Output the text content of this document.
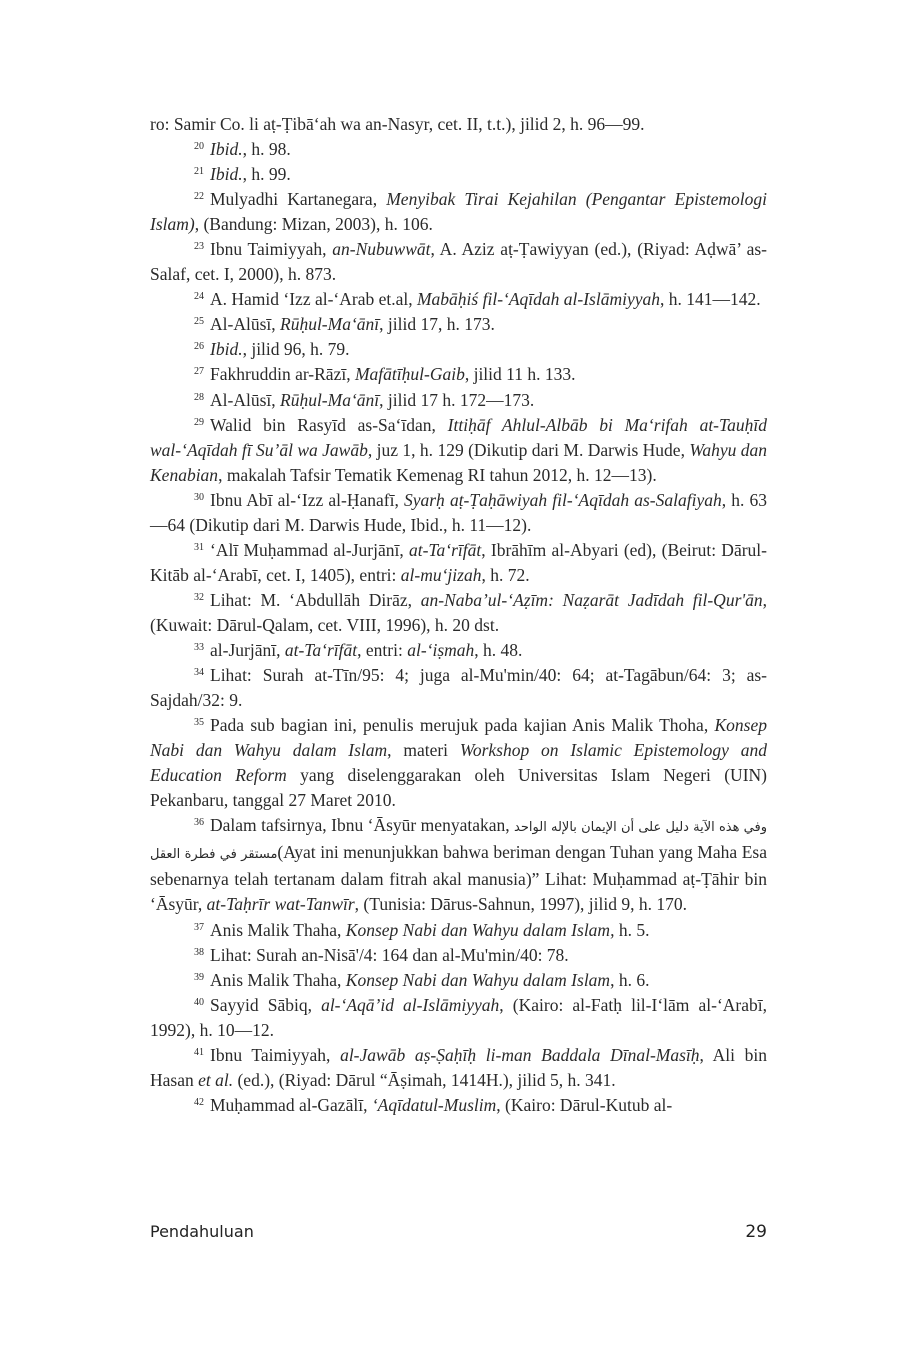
ro: Samir Co. li aṭ-Ṭibā‘ah wa an-Nasyr, cet. II, t.t.), jilid 2, h. 96—99.
$^{20}$ Ibid., h. 98.
$^{21}$ Ibid., h. 99.
$^{22}$ Mulyadhi Kartanegara, Menyibak Tirai Kejahilan (Pengantar Epistemologi Islam), (Bandung: Mizan, 2003), h. 106.
$^{23}$ Ibnu Taimiyyah, an-Nubuwwāt, A. Aziz aṭ-Ṭawiyyan (ed.), (Riyad: Aḍwā’ as-Salaf, cet. I, 2000), h. 873.
$^{24}$ A. Hamid ‘Izz al-‘Arab et.al, Mabāḥiś fil-‘Aqīdah al-Islāmiyyah, h. 141—142.
$^{25}$ Al-Alūsī, Rūḥul-Ma‘ānī, jilid 17, h. 173.
$^{26}$ Ibid., jilid 96, h. 79.
$^{27}$ Fakhruddin ar-Rāzī, Mafātīḥul-Gaib, jilid 11 h. 133.
$^{28}$ Al-Alūsī, Rūḥul-Ma‘ānī, jilid 17 h. 172—173.
$^{29}$ Walid bin Rasyīd as-Sa‘īdan, Ittiḥāf Ahlul-Albāb bi Ma‘rifah at-Tauḥīd wal-‘Aqīdah fī Su’āl wa Jawāb, juz 1, h. 129 (Dikutip dari M. Darwis Hude, Wahyu dan Kenabian, makalah Tafsir Tematik Kemenag RI tahun 2012, h. 12—13).
$^{30}$ Ibnu Abī al-‘Izz al-Ḥanafī, Syarḥ aṭ-Ṭaḥāwiyah fil-‘Aqīdah as-Salafiyah, h. 63—64 (Dikutip dari M. Darwis Hude, Ibid., h. 11—12).
$^{31}$ ‘Alī Muḥammad al-Jurjānī, at-Ta‘rīfāt, Ibrāhīm al-Abyari (ed), (Beirut: Dārul-Kitāb al-‘Arabī, cet. I, 1405), entri: al-mu‘jizah, h. 72.
$^{32}$ Lihat: M. ‘Abdullāh Dirāz, an-Naba’ul-‘Aẓīm: Naẓarāt Jadīdah fil-Qur'ān, (Kuwait: Dārul-Qalam, cet. VIII, 1996), h. 20 dst.
$^{33}$ al-Jurjānī, at-Ta‘rīfāt, entri: al-‘iṣmah, h. 48.
$^{34}$ Lihat: Surah at-Tīn/95: 4; juga al-Mu'min/40: 64; at-Tagābun/64: 3; as-Sajdah/32: 9.
$^{35}$ Pada sub bagian ini, penulis merujuk pada kajian Anis Malik Thoha, Konsep Nabi dan Wahyu dalam Islam, materi Workshop on Islamic Epistemology and Education Reform yang diselenggarakan oleh Universitas Islam Negeri (UIN) Pekanbaru, tanggal 27 Maret 2010.
$^{36}$ Dalam tafsirnya, Ibnu ‘Āsyūr menyatakan, وفي هذه الآية دليل على أن الإيمان بالإله الواحد مستقر في فطرة العقل(Ayat ini menunjukkan bahwa beriman dengan Tuhan yang Maha Esa sebenarnya telah tertanam dalam fitrah akal manusia)” Lihat: Muḥammad aṭ-Ṭāhir bin ‘Āsyūr, at-Taḥrīr wat-Tanwīr, (Tunisia: Dārus-Sahnun, 1997), jilid 9, h. 170.
$^{37}$ Anis Malik Thaha, Konsep Nabi dan Wahyu dalam Islam, h. 5.
$^{38}$ Lihat: Surah an-Nisā'/4: 164 dan al-Mu'min/40: 78.
$^{39}$ Anis Malik Thaha, Konsep Nabi dan Wahyu dalam Islam, h. 6.
$^{40}$ Sayyid Sābiq, al-‘Aqā’id al-Islāmiyyah, (Kairo: al-Fatḥ lil-I‘lām al-‘Arabī, 1992), h. 10—12.
$^{41}$ Ibnu Taimiyyah, al-Jawāb aṣ-Ṣaḥīḥ li-man Baddala Dīnal-Masīḥ, Ali bin Hasan et al. (ed.), (Riyad: Dārul “Āṣimah, 1414H.), jilid 5, h. 341.
$^{42}$ Muḥammad al-Gazālī, ‘Aqīdatul-Muslim, (Kairo: Dārul-Kutub al-
Pendahuluan	29
